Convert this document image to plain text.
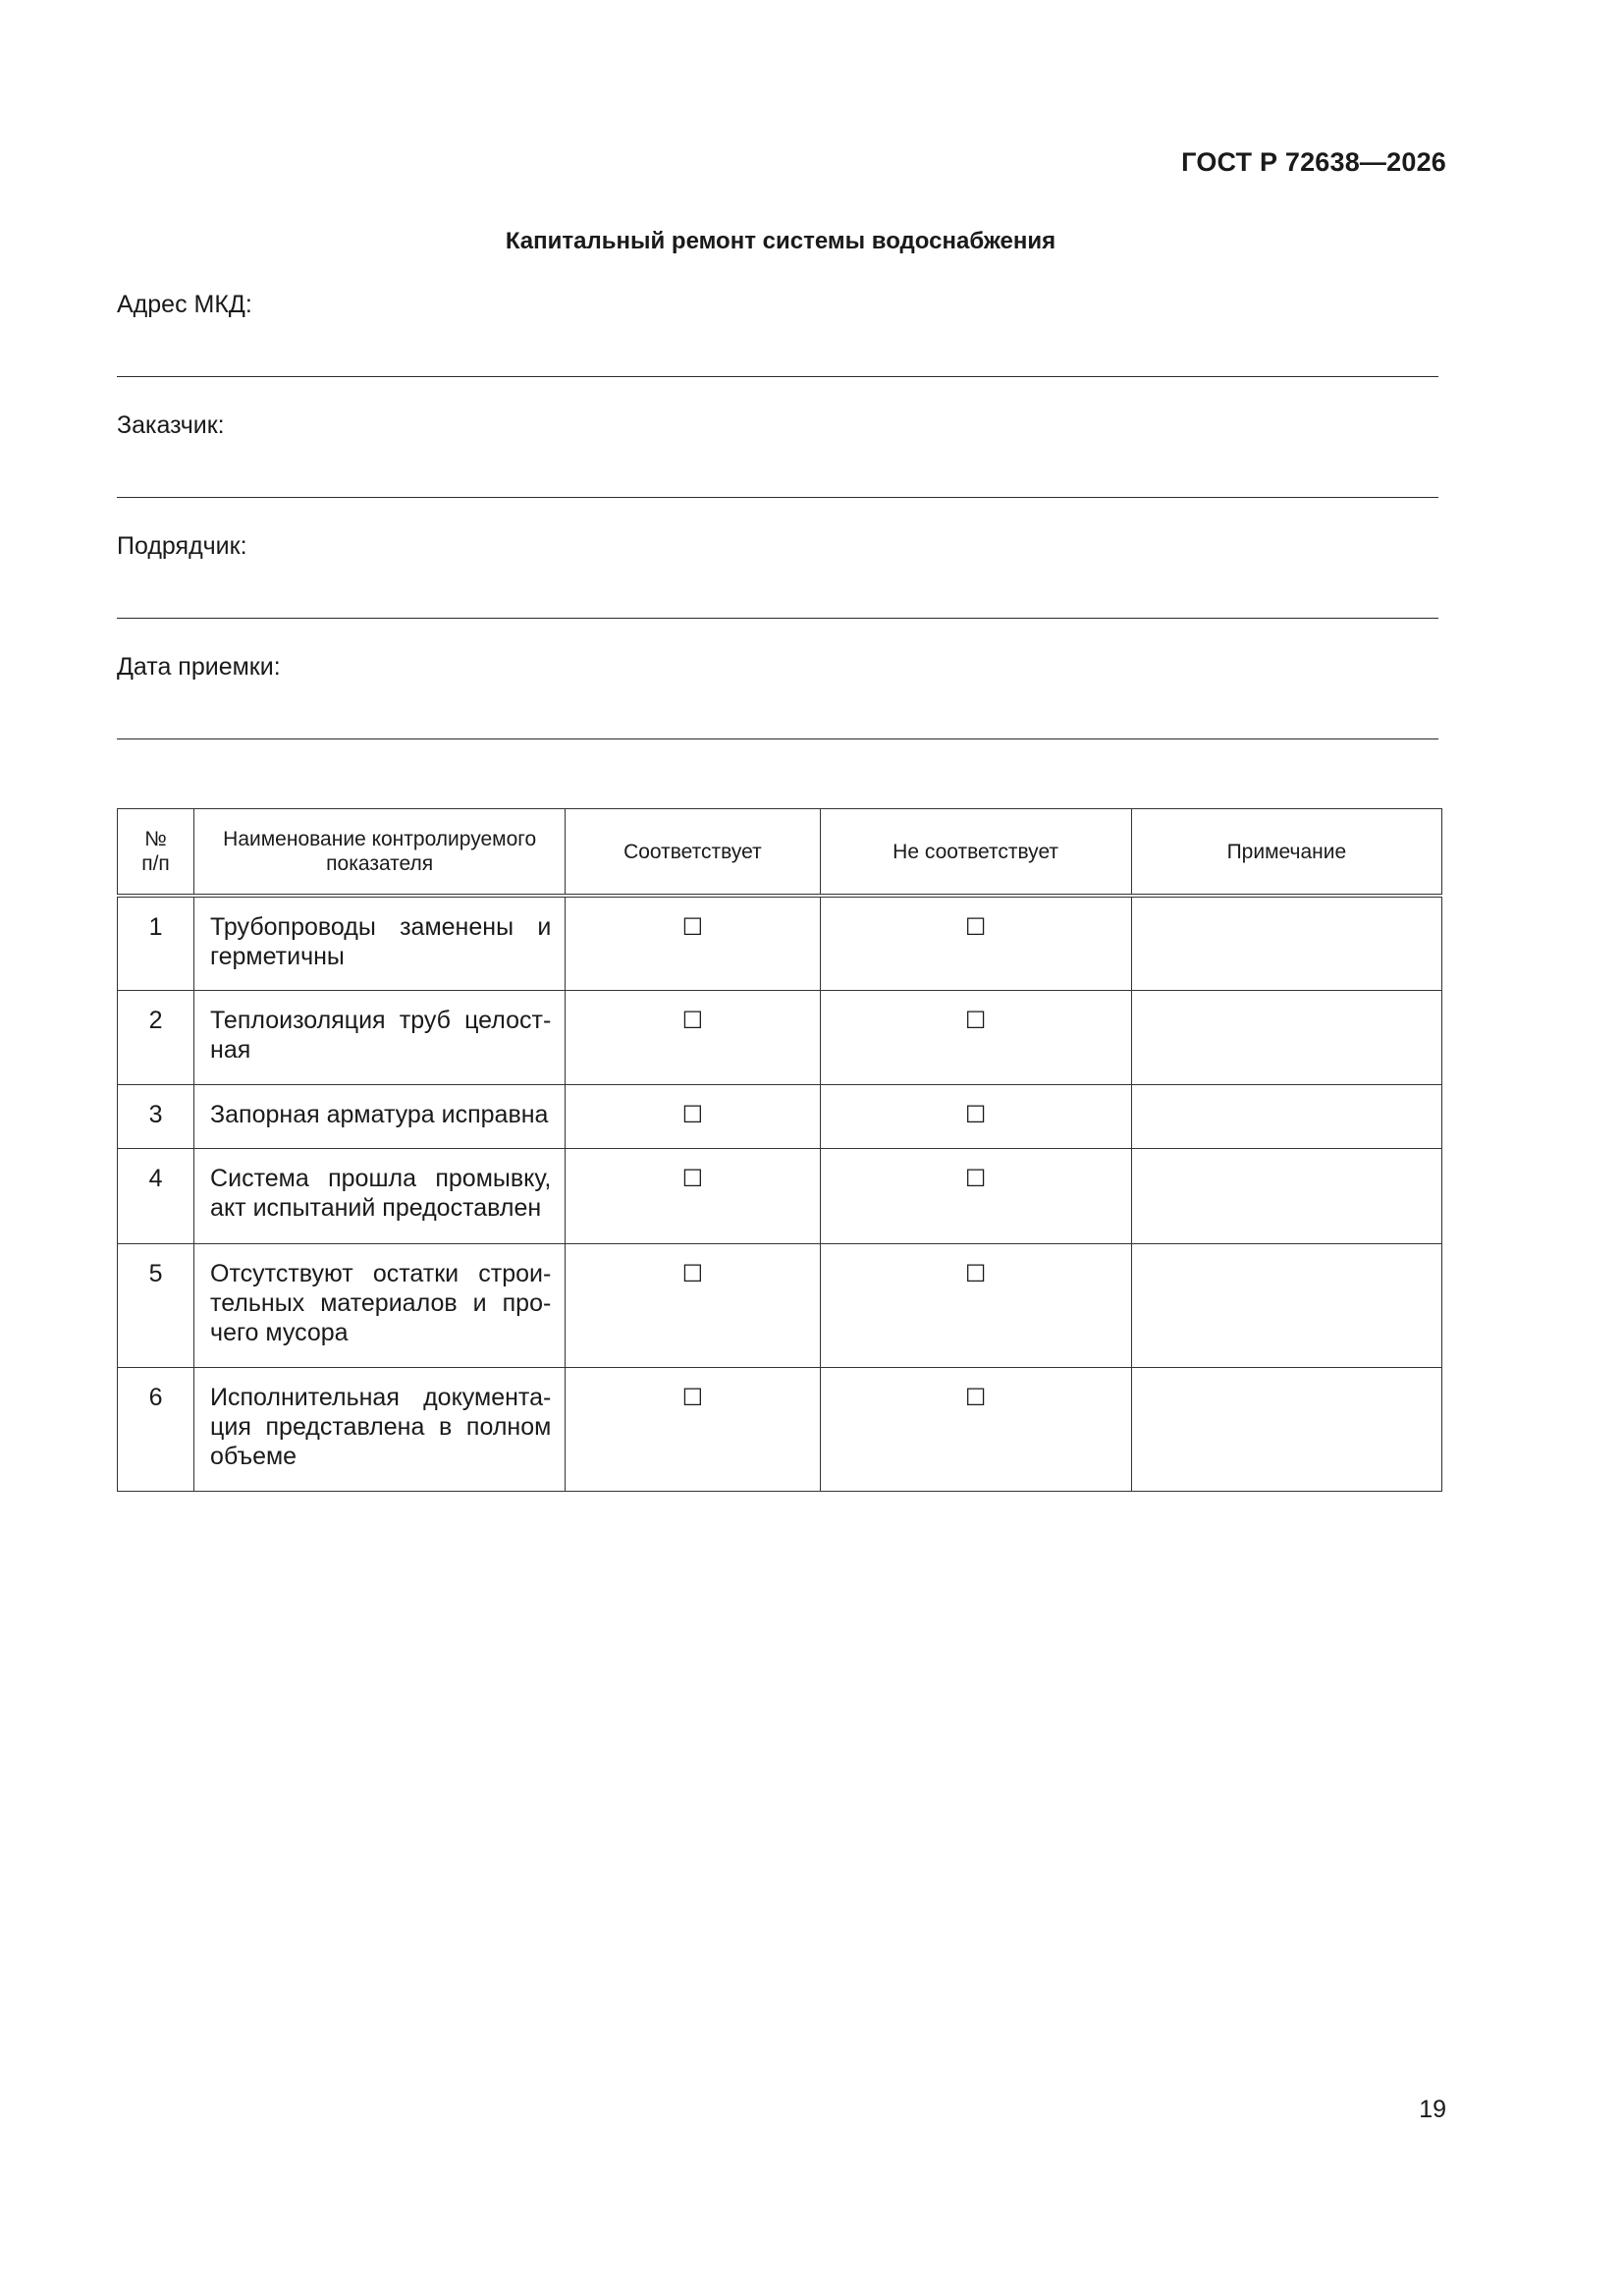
ГОСТ Р 72638—2026
Капитальный ремонт системы водоснабжения
Адрес МКД:
Заказчик:
Подрядчик:
Дата приемки:
№ п/п	Наименование контролируемого показателя	Соответствует	Не соответствует	Примечание
1	Трубопроводы заменены и герметичны	☐	☐	
2	Теплоизоляция труб целост-ная	☐	☐	
3	Запорная арматура исправна	☐	☐	
4	Система прошла промывку, акт испытаний предоставлен	☐	☐	
5	Отсутствуют остатки строи-тельных материалов и про-чего мусора	☐	☐	
6	Исполнительная документа-ция представлена в полном объеме	☐	☐	
19
